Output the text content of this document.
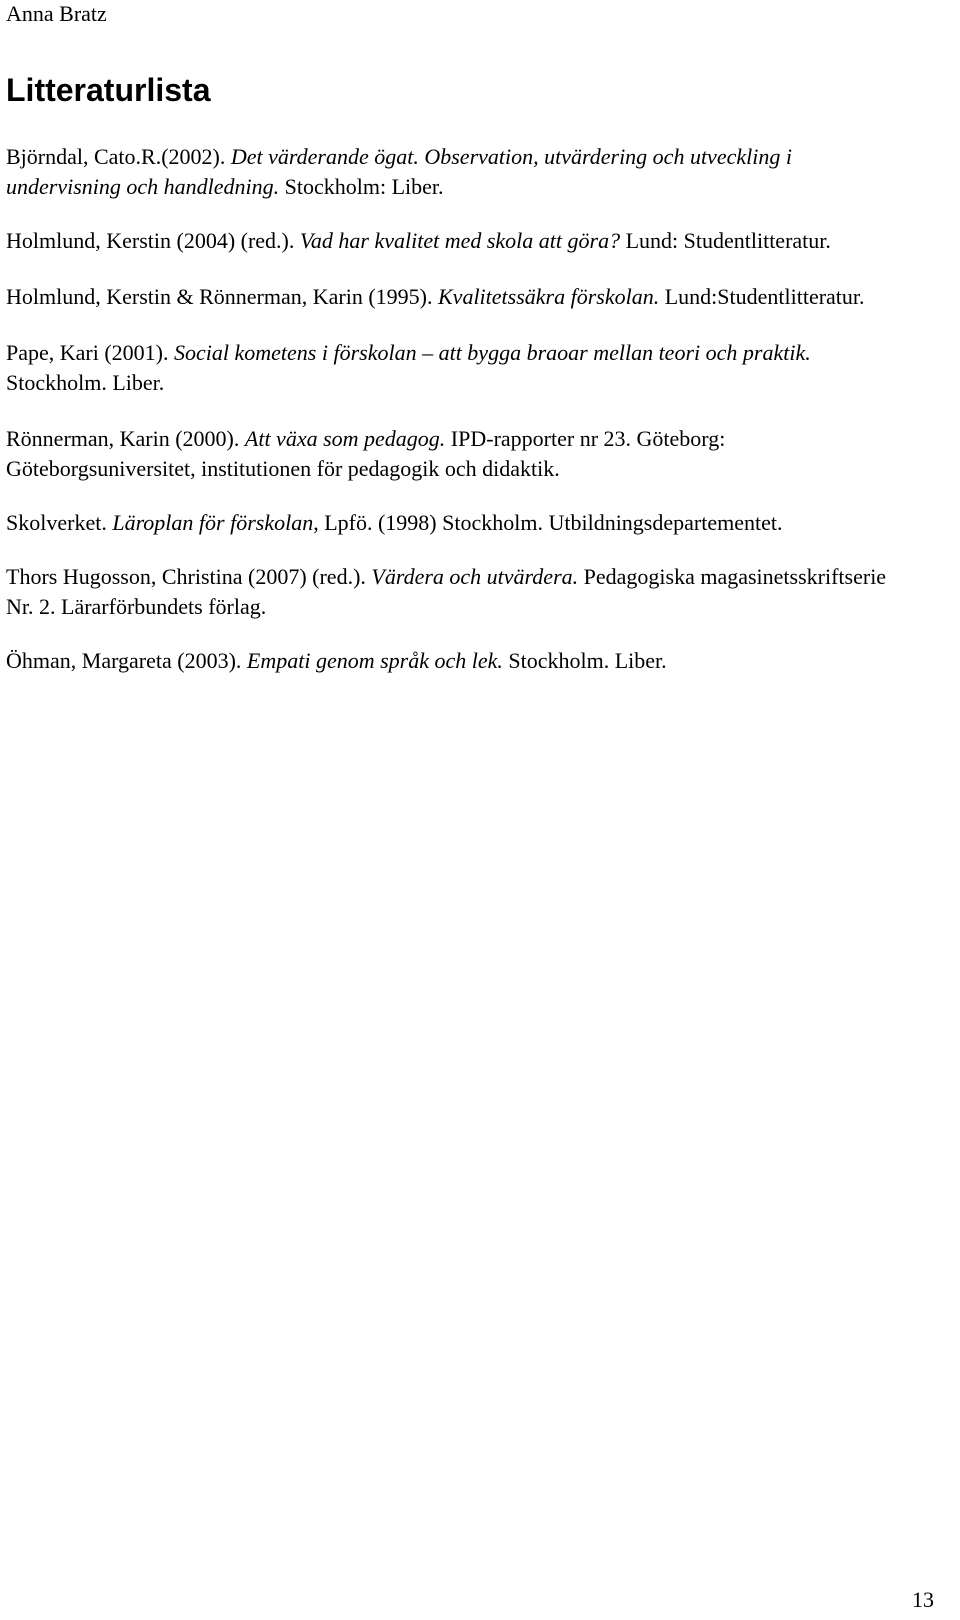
Anna Bratz
Litteraturlista

Björndal, Cato.R.(2002). Det värderande ögat. Observation, utvärdering och utveckling i undervisning och handledning. Stockholm: Liber.

Holmlund, Kerstin (2004) (red.). Vad har kvalitet med skola att göra? Lund: Studentlitteratur.

Holmlund, Kerstin & Rönnerman, Karin (1995). Kvalitetssäkra förskolan. Lund:Studentlitteratur.

Pape, Kari (2001). Social kometens i förskolan – att bygga braoar mellan teori och praktik. Stockholm. Liber.

Rönnerman, Karin (2000). Att växa som pedagog. IPD-rapporter nr 23. Göteborg: Göteborgsuniversitet, institutionen för pedagogik och didaktik.

Skolverket. Läroplan för förskolan, Lpfö. (1998) Stockholm. Utbildningsdepartementet.

Thors Hugosson, Christina (2007) (red.). Värdera och utvärdera. Pedagogiska magasinetsskriftserie Nr. 2. Lärarförbundets förlag.

Öhman, Margareta (2003). Empati genom språk och lek. Stockholm. Liber.

13
